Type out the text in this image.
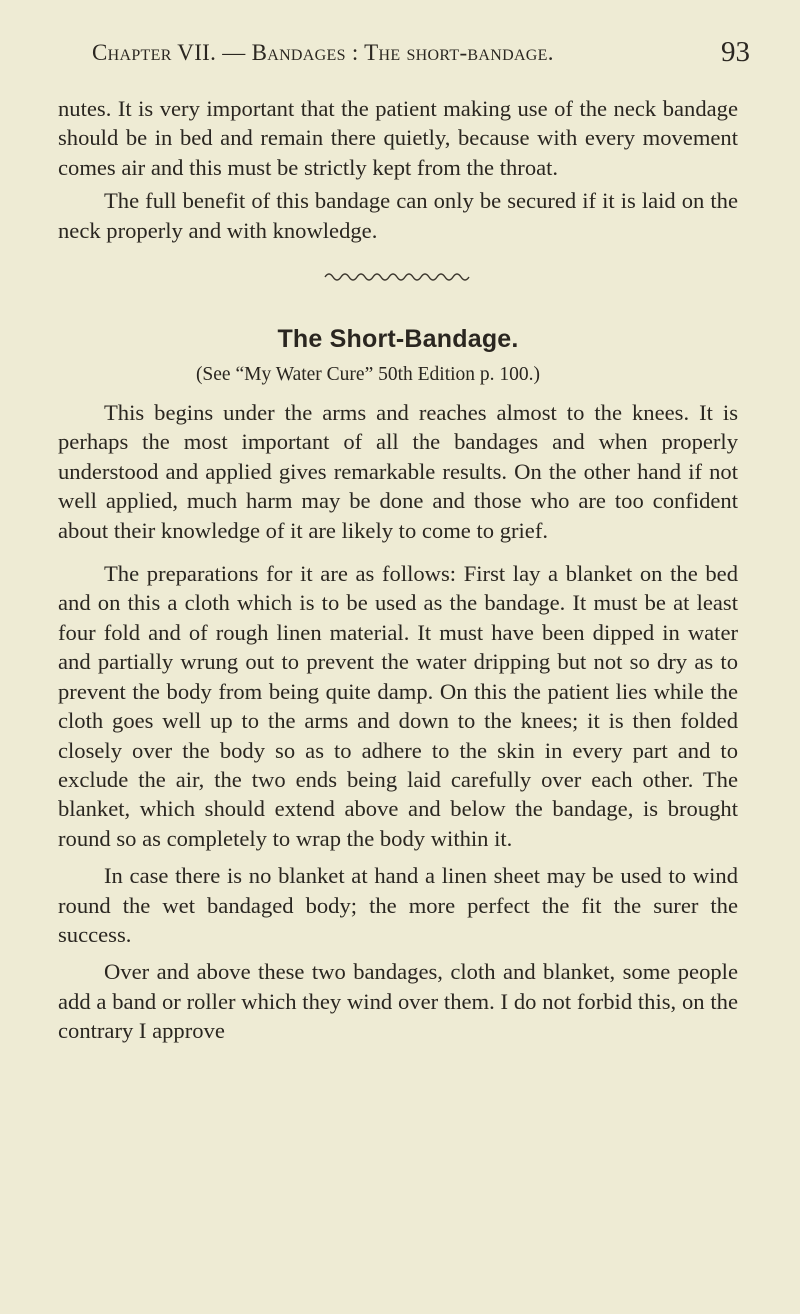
Chapter VII. — Bandages : The short-bandage.	93

nutes. It is very important that the patient making use of the neck bandage should be in bed and remain there quietly, because with every movement comes air and this must be strictly kept from the throat.

The full benefit of this bandage can only be secured if it is laid on the neck properly and with knowledge.

The Short-Bandage.
(See “My Water Cure” 50th Edition p. 100.)

This begins under the arms and reaches almost to the knees. It is perhaps the most important of all the bandages and when properly understood and applied gives remarkable results. On the other hand if not well applied, much harm may be done and those who are too confident about their knowledge of it are likely to come to grief.

The preparations for it are as follows: First lay a blanket on the bed and on this a cloth which is to be used as the bandage. It must be at least four fold and of rough linen material. It must have been dipped in water and partially wrung out to prevent the water dripping but not so dry as to prevent the body from being quite damp. On this the patient lies while the cloth goes well up to the arms and down to the knees; it is then folded closely over the body so as to adhere to the skin in every part and to exclude the air, the two ends being laid carefully over each other. The blanket, which should extend above and below the bandage, is brought round so as completely to wrap the body within it.

In case there is no blanket at hand a linen sheet may be used to wind round the wet bandaged body; the more perfect the fit the surer the success.

Over and above these two bandages, cloth and blanket, some people add a band or roller which they wind over them. I do not forbid this, on the contrary I approve
